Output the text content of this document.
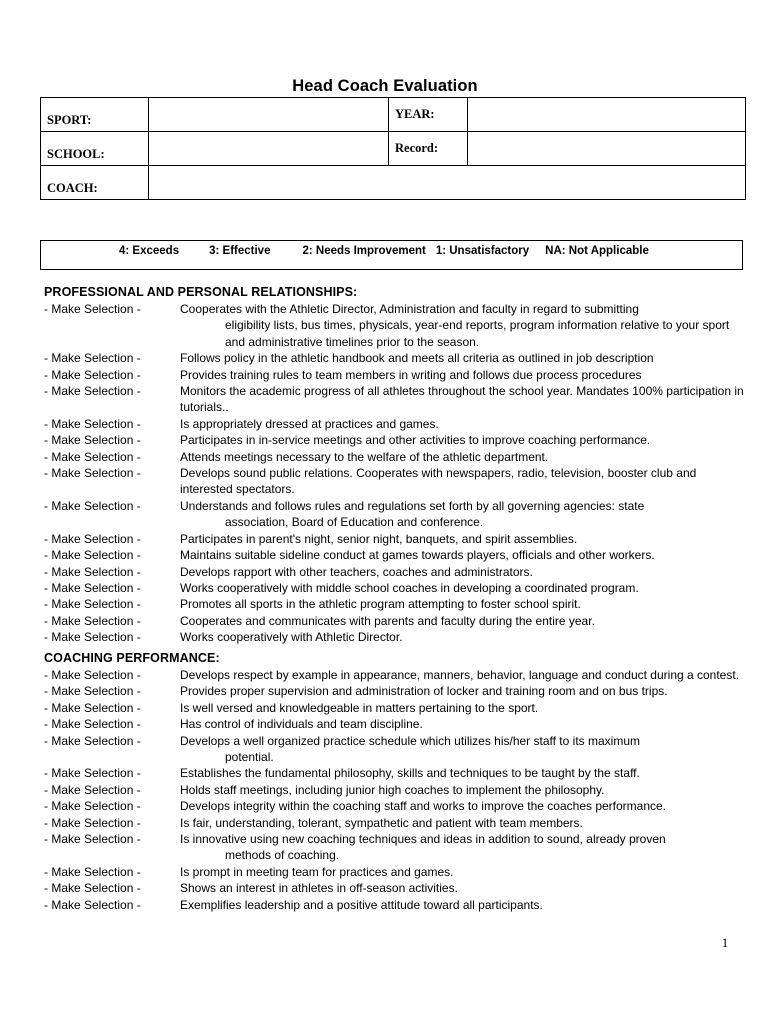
Head Coach Evaluation
SPORT:		YEAR:	
SCHOOL:		Record:	
COACH:			
4: Exceeds	3: Effective	2: Needs Improvement 1: Unsatisfactory NA: Not Applicable
PROFESSIONAL AND PERSONAL RELATIONSHIPS:
- Make Selection -	Cooperates with the Athletic Director, Administration and faculty in regard to submitting
eligibility lists, bus times, physicals, year-end reports, program information relative to your sport and administrative timelines prior to the season.
- Make Selection -	Follows policy in the athletic handbook and meets all criteria as outlined in job description
- Make Selection -	Provides training rules to team members in writing and follows due process procedures
- Make Selection -	Monitors the academic progress of all athletes throughout the school year. Mandates 100% participation in tutorials..
- Make Selection -	Is appropriately dressed at practices and games.
- Make Selection -	Participates in in-service meetings and other activities to improve coaching performance.
- Make Selection -	Attends meetings necessary to the welfare of the athletic department.
- Make Selection -	Develops sound public relations. Cooperates with newspapers, radio, television, booster club and interested spectators.
- Make Selection -	Understands and follows rules and regulations set forth by all governing agencies: state
association, Board of Education and conference.
- Make Selection -	Participates in parent's night, senior night, banquets, and spirit assemblies.
- Make Selection -	Maintains suitable sideline conduct at games towards players, officials and other workers.
- Make Selection -	Develops rapport with other teachers, coaches and administrators.
- Make Selection -	Works cooperatively with middle school coaches in developing a coordinated program.
- Make Selection -	Promotes all sports in the athletic program attempting to foster school spirit.
- Make Selection -	Cooperates and communicates with parents and faculty during the entire year.
- Make Selection -	Works cooperatively with Athletic Director.
COACHING PERFORMANCE:
- Make Selection -	Develops respect by example in appearance, manners, behavior, language and conduct during a contest.
- Make Selection -	Provides proper supervision and administration of locker and training room and on bus trips.
- Make Selection -	Is well versed and knowledgeable in matters pertaining to the sport.
- Make Selection -	Has control of individuals and team discipline.
- Make Selection -	Develops a well organized practice schedule which utilizes his/her staff to its maximum
potential.
- Make Selection -	Establishes the fundamental philosophy, skills and techniques to be taught by the staff.
- Make Selection -	Holds staff meetings, including junior high coaches to implement the philosophy.
- Make Selection -	Develops integrity within the coaching staff and works to improve the coaches performance.
- Make Selection -	Is fair, understanding, tolerant, sympathetic and patient with team members.
- Make Selection -	Is innovative using new coaching techniques and ideas in addition to sound, already proven
methods of coaching.
- Make Selection -	Is prompt in meeting team for practices and games.
- Make Selection -	Shows an interest in athletes in off-season activities.
- Make Selection -	Exemplifies leadership and a positive attitude toward all participants.
1
